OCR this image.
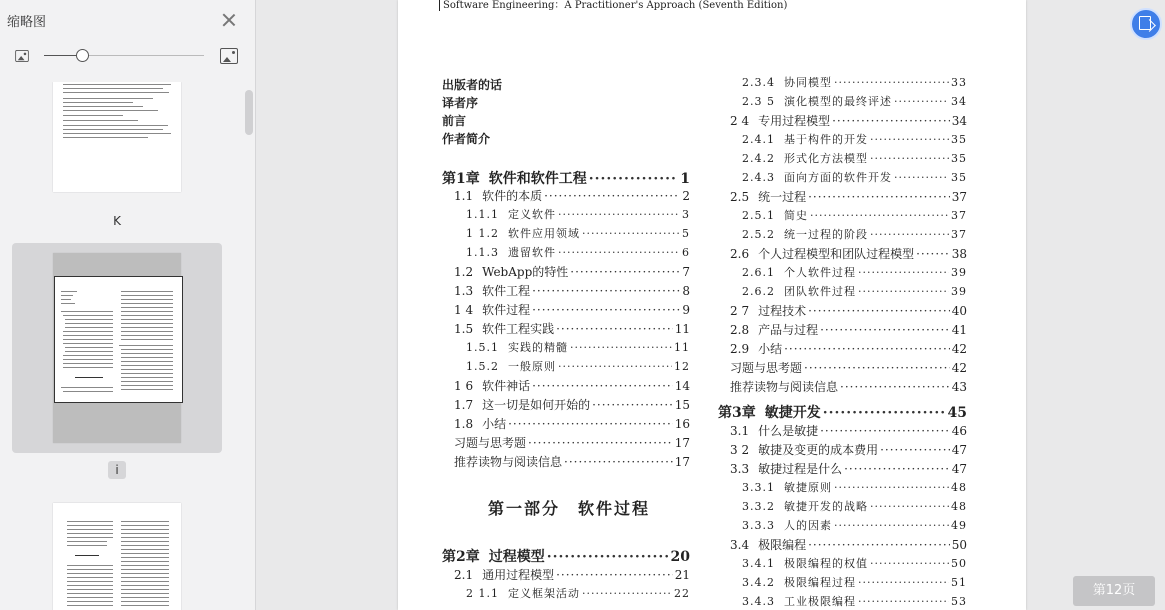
缩略图
K
i
Software Engineering：A Practitioner's Approach (Seventh Edition)
出版者的话
译者序
前言
作者简介
第1章 软件和软件工程 ·····	1
1.1 软件的本质 ·····	2
1.1.1 定义软件 ·····	3
1 1.2 软件应用领域 ·····	5
1.1.3 遗留软件 ·····	6
1.2 WebApp的特性 ·····	7
1.3 软件工程 ·····	8
1 4 软件过程 ·····	9
1.5 软件工程实践 ·····	11
1.5.1 实践的精髓 ·····	11
1.5.2 一般原则 ·····	12
1 6 软件神话 ·····	14
1.7 这一切是如何开始的 ·····	15
1.8 小结 ·····	16
习题与思考题 ·····	17
推荐读物与阅读信息 ·····	17
第2章 过程模型 ·····	20
2.1 通用过程模型 ·····	21
2 1.1 定义框架活动 ·····	22
2.3.4 协同模型 ·····	33
2.3 5 演化模型的最终评述 ·····	34
2 4 专用过程模型 ·····	34
2.4.1 基于构件的开发 ·····	35
2.4.2 形式化方法模型 ·····	35
2.4.3 面向方面的软件开发 ·····	35
2.5 统一过程 ·····	37
2.5.1 简史 ·····	37
2.5.2 统一过程的阶段 ·····	37
2.6 个人过程模型和团队过程模型 ·····	38
2.6.1 个人软件过程 ·····	39
2.6.2 团队软件过程 ·····	39
2 7 过程技术 ·····	40
2.8 产品与过程 ·····	41
2.9 小结 ·····	42
习题与思考题 ·····	42
推荐读物与阅读信息 ·····	43
第3章 敏捷开发 ·····	45
3.1 什么是敏捷 ·····	46
3 2 敏捷及变更的成本费用 ·····	47
3.3 敏捷过程是什么 ·····	47
3.3.1 敏捷原则 ·····	48
3.3.2 敏捷开发的战略 ·····	48
3.3.3 人的因素 ·····	49
3.4 极限编程 ·····	50
3.4.1 极限编程的权值 ·····	50
3.4.2 极限编程过程 ·····	51
3.4.3 工业极限编程 ·····	53
第一部分　软件过程
第12页
